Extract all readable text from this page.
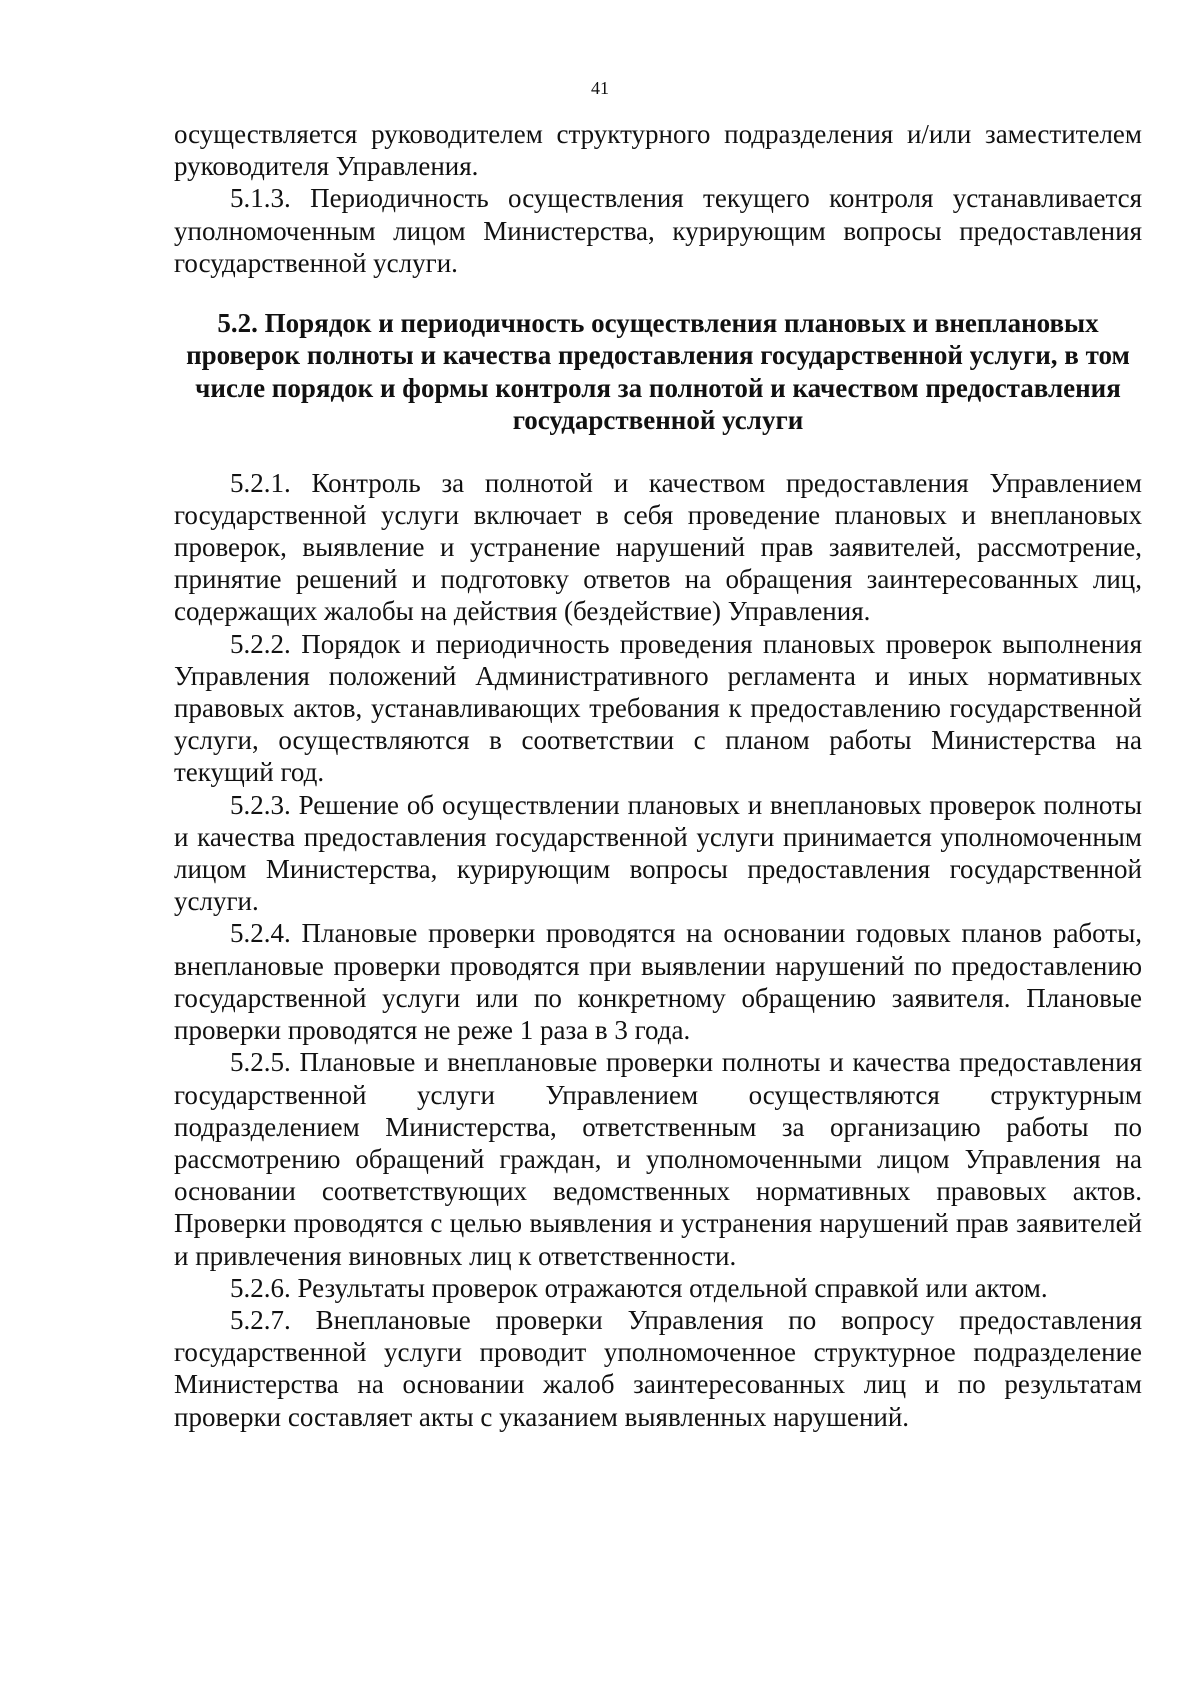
41

осуществляется руководителем структурного подразделения и/или заместителем руководителя Управления.

5.1.3. Периодичность осуществления текущего контроля устанавливается уполномоченным лицом Министерства, курирующим вопросы предоставления государственной услуги.

5.2. Порядок и периодичность осуществления плановых и внеплановых проверок полноты и качества предоставления государственной услуги, в том числе порядок и формы контроля за полнотой и качеством предоставления государственной услуги

5.2.1. Контроль за полнотой и качеством предоставления Управлением государственной услуги включает в себя проведение плановых и внеплановых проверок, выявление и устранение нарушений прав заявителей, рассмотрение, принятие решений и подготовку ответов на обращения заинтересованных лиц, содержащих жалобы на действия (бездействие) Управления.

5.2.2. Порядок и периодичность проведения плановых проверок выполнения Управления положений Административного регламента и иных нормативных правовых актов, устанавливающих требования к предоставлению государственной услуги, осуществляются в соответствии с планом работы Министерства на текущий год.

5.2.3. Решение об осуществлении плановых и внеплановых проверок полноты и качества предоставления государственной услуги принимается уполномоченным лицом Министерства, курирующим вопросы предоставления государственной услуги.

5.2.4. Плановые проверки проводятся на основании годовых планов работы, внеплановые проверки проводятся при выявлении нарушений по предоставлению государственной услуги или по конкретному обращению заявителя. Плановые проверки проводятся не реже 1 раза в 3 года.

5.2.5. Плановые и внеплановые проверки полноты и качества предоставления государственной услуги Управлением осуществляются структурным подразделением Министерства, ответственным за организацию работы по рассмотрению обращений граждан, и уполномоченными лицом Управления на основании соответствующих ведомственных нормативных правовых актов. Проверки проводятся с целью выявления и устранения нарушений прав заявителей и привлечения виновных лиц к ответственности.

5.2.6. Результаты проверок отражаются отдельной справкой или актом.

5.2.7. Внеплановые проверки Управления по вопросу предоставления государственной услуги проводит уполномоченное структурное подразделение Министерства на основании жалоб заинтересованных лиц и по результатам проверки составляет акты с указанием выявленных нарушений.
